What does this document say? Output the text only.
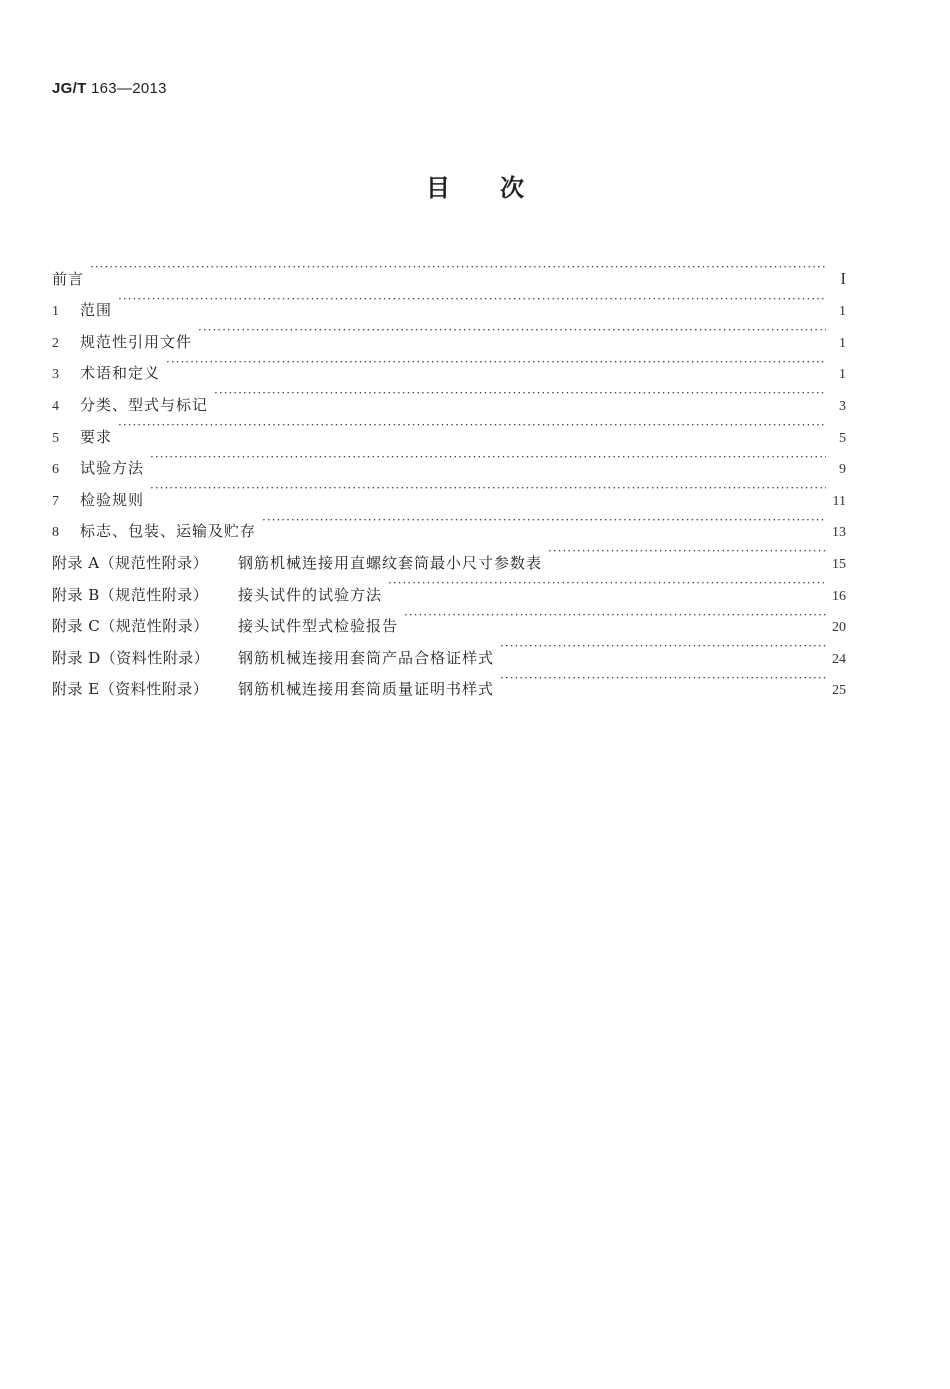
JG/T 163—2013
目 次
前言 ·····	I
1	范围 ·····	1
2	规范性引用文件 ·····	1
3	术语和定义 ·····	1
4	分类、型式与标记 ·····	3
5	要求 ·····	5
6	试验方法 ·····	9
7	检验规则 ·····	11
8	标志、包装、运输及贮存 ·····	13
附录 A（规范性附录）	钢筋机械连接用直螺纹套筒最小尺寸参数表 ·····	15
附录 B（规范性附录）	接头试件的试验方法 ·····	16
附录 C（规范性附录）	接头试件型式检验报告 ·····	20
附录 D（资料性附录）	钢筋机械连接用套筒产品合格证样式 ·····	24
附录 E（资料性附录）	钢筋机械连接用套筒质量证明书样式 ·····	25
